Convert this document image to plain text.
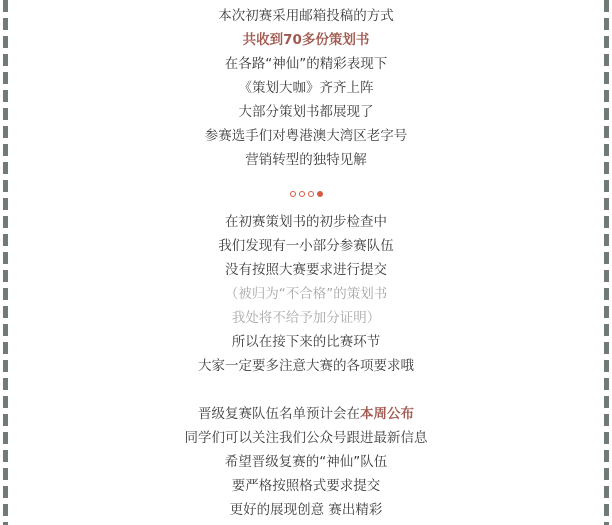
本次初赛采用邮箱投稿的方式
共收到70多份策划书
在各路“神仙”的精彩表现下
《策划大咖》齐齐上阵
大部分策划书都展现了
参赛选手们对粤港澳大湾区老字号
营销转型的独特见解
在初赛策划书的初步检查中
我们发现有一小部分参赛队伍
没有按照大赛要求进行提交
（被归为“不合格”的策划书
我处将不给予加分证明）
所以在接下来的比赛环节
大家一定要多注意大赛的各项要求哦
晋级复赛队伍名单预计会在本周公布
同学们可以关注我们公众号跟进最新信息
希望晋级复赛的“神仙”队伍
要严格按照格式要求提交
更好的展现创意 赛出精彩
